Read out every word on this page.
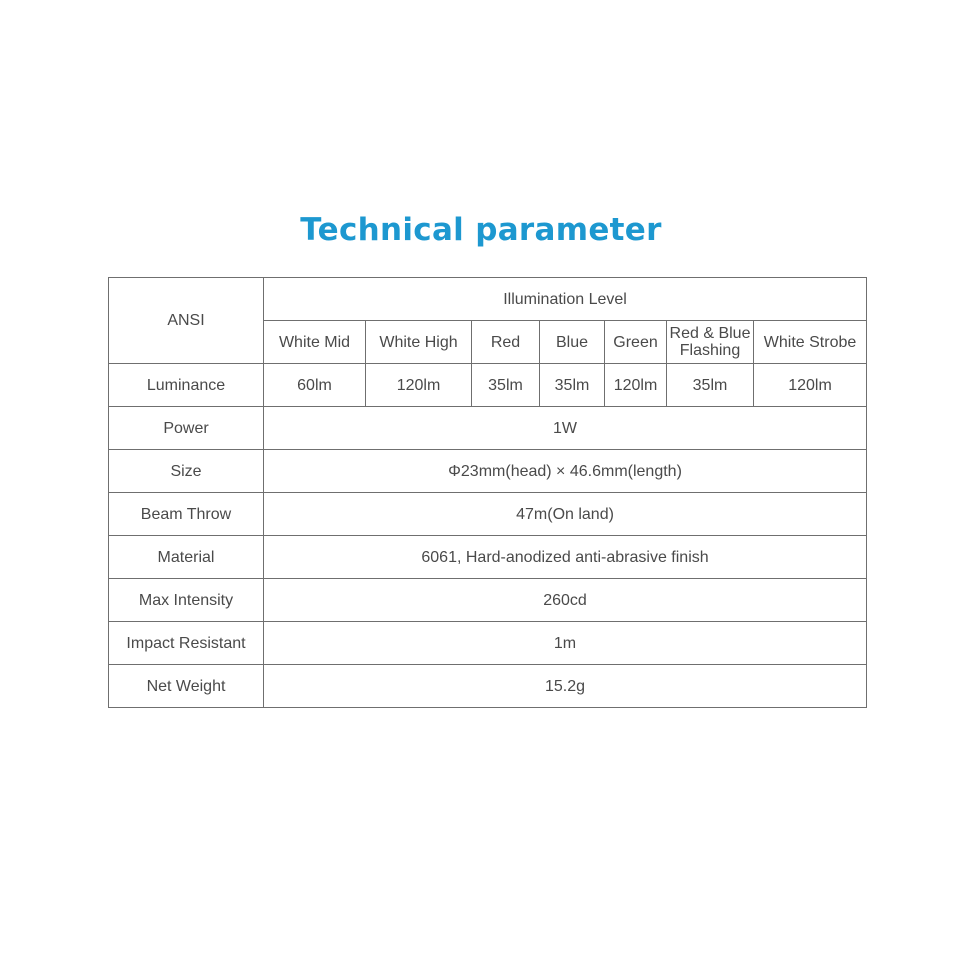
Technical parameter
ANSI	Illumination Level						
	White Mid	White High	Red	Blue	Green	Red & Blue Flashing	White Strobe
Luminance	60lm	120lm	35lm	35lm	120lm	35lm	120lm
Power	1W						
Size	Φ23mm(head) × 46.6mm(length)						
Beam Throw	47m(On land)						
Material	6061, Hard-anodized anti-abrasive finish						
Max Intensity	260cd						
Impact Resistant	1m						
Net Weight	15.2g						
